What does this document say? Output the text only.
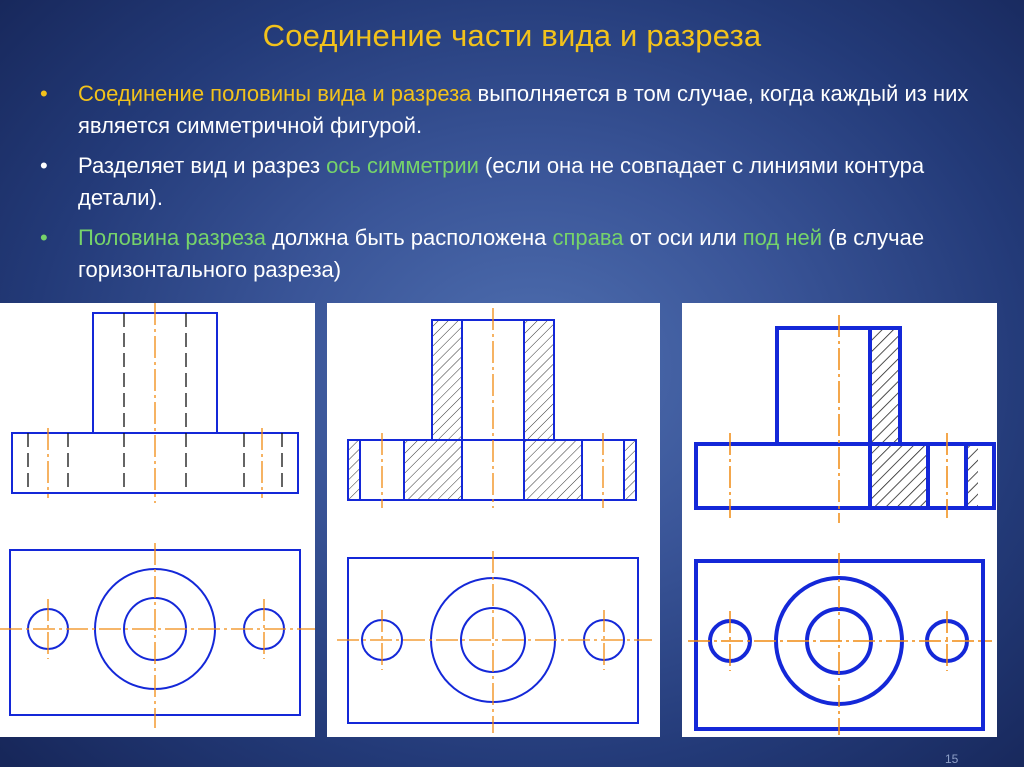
Соединение части вида и разреза
• Соединение половины вида и разреза выполняется в том случае, когда каждый из них является симметричной фигурой.
• Разделяет вид и разрез ось симметрии (если она не совпадает с линиями контура детали).
• Половина разреза должна быть расположена справа от оси или под ней (в случае горизонтального разреза)
15
